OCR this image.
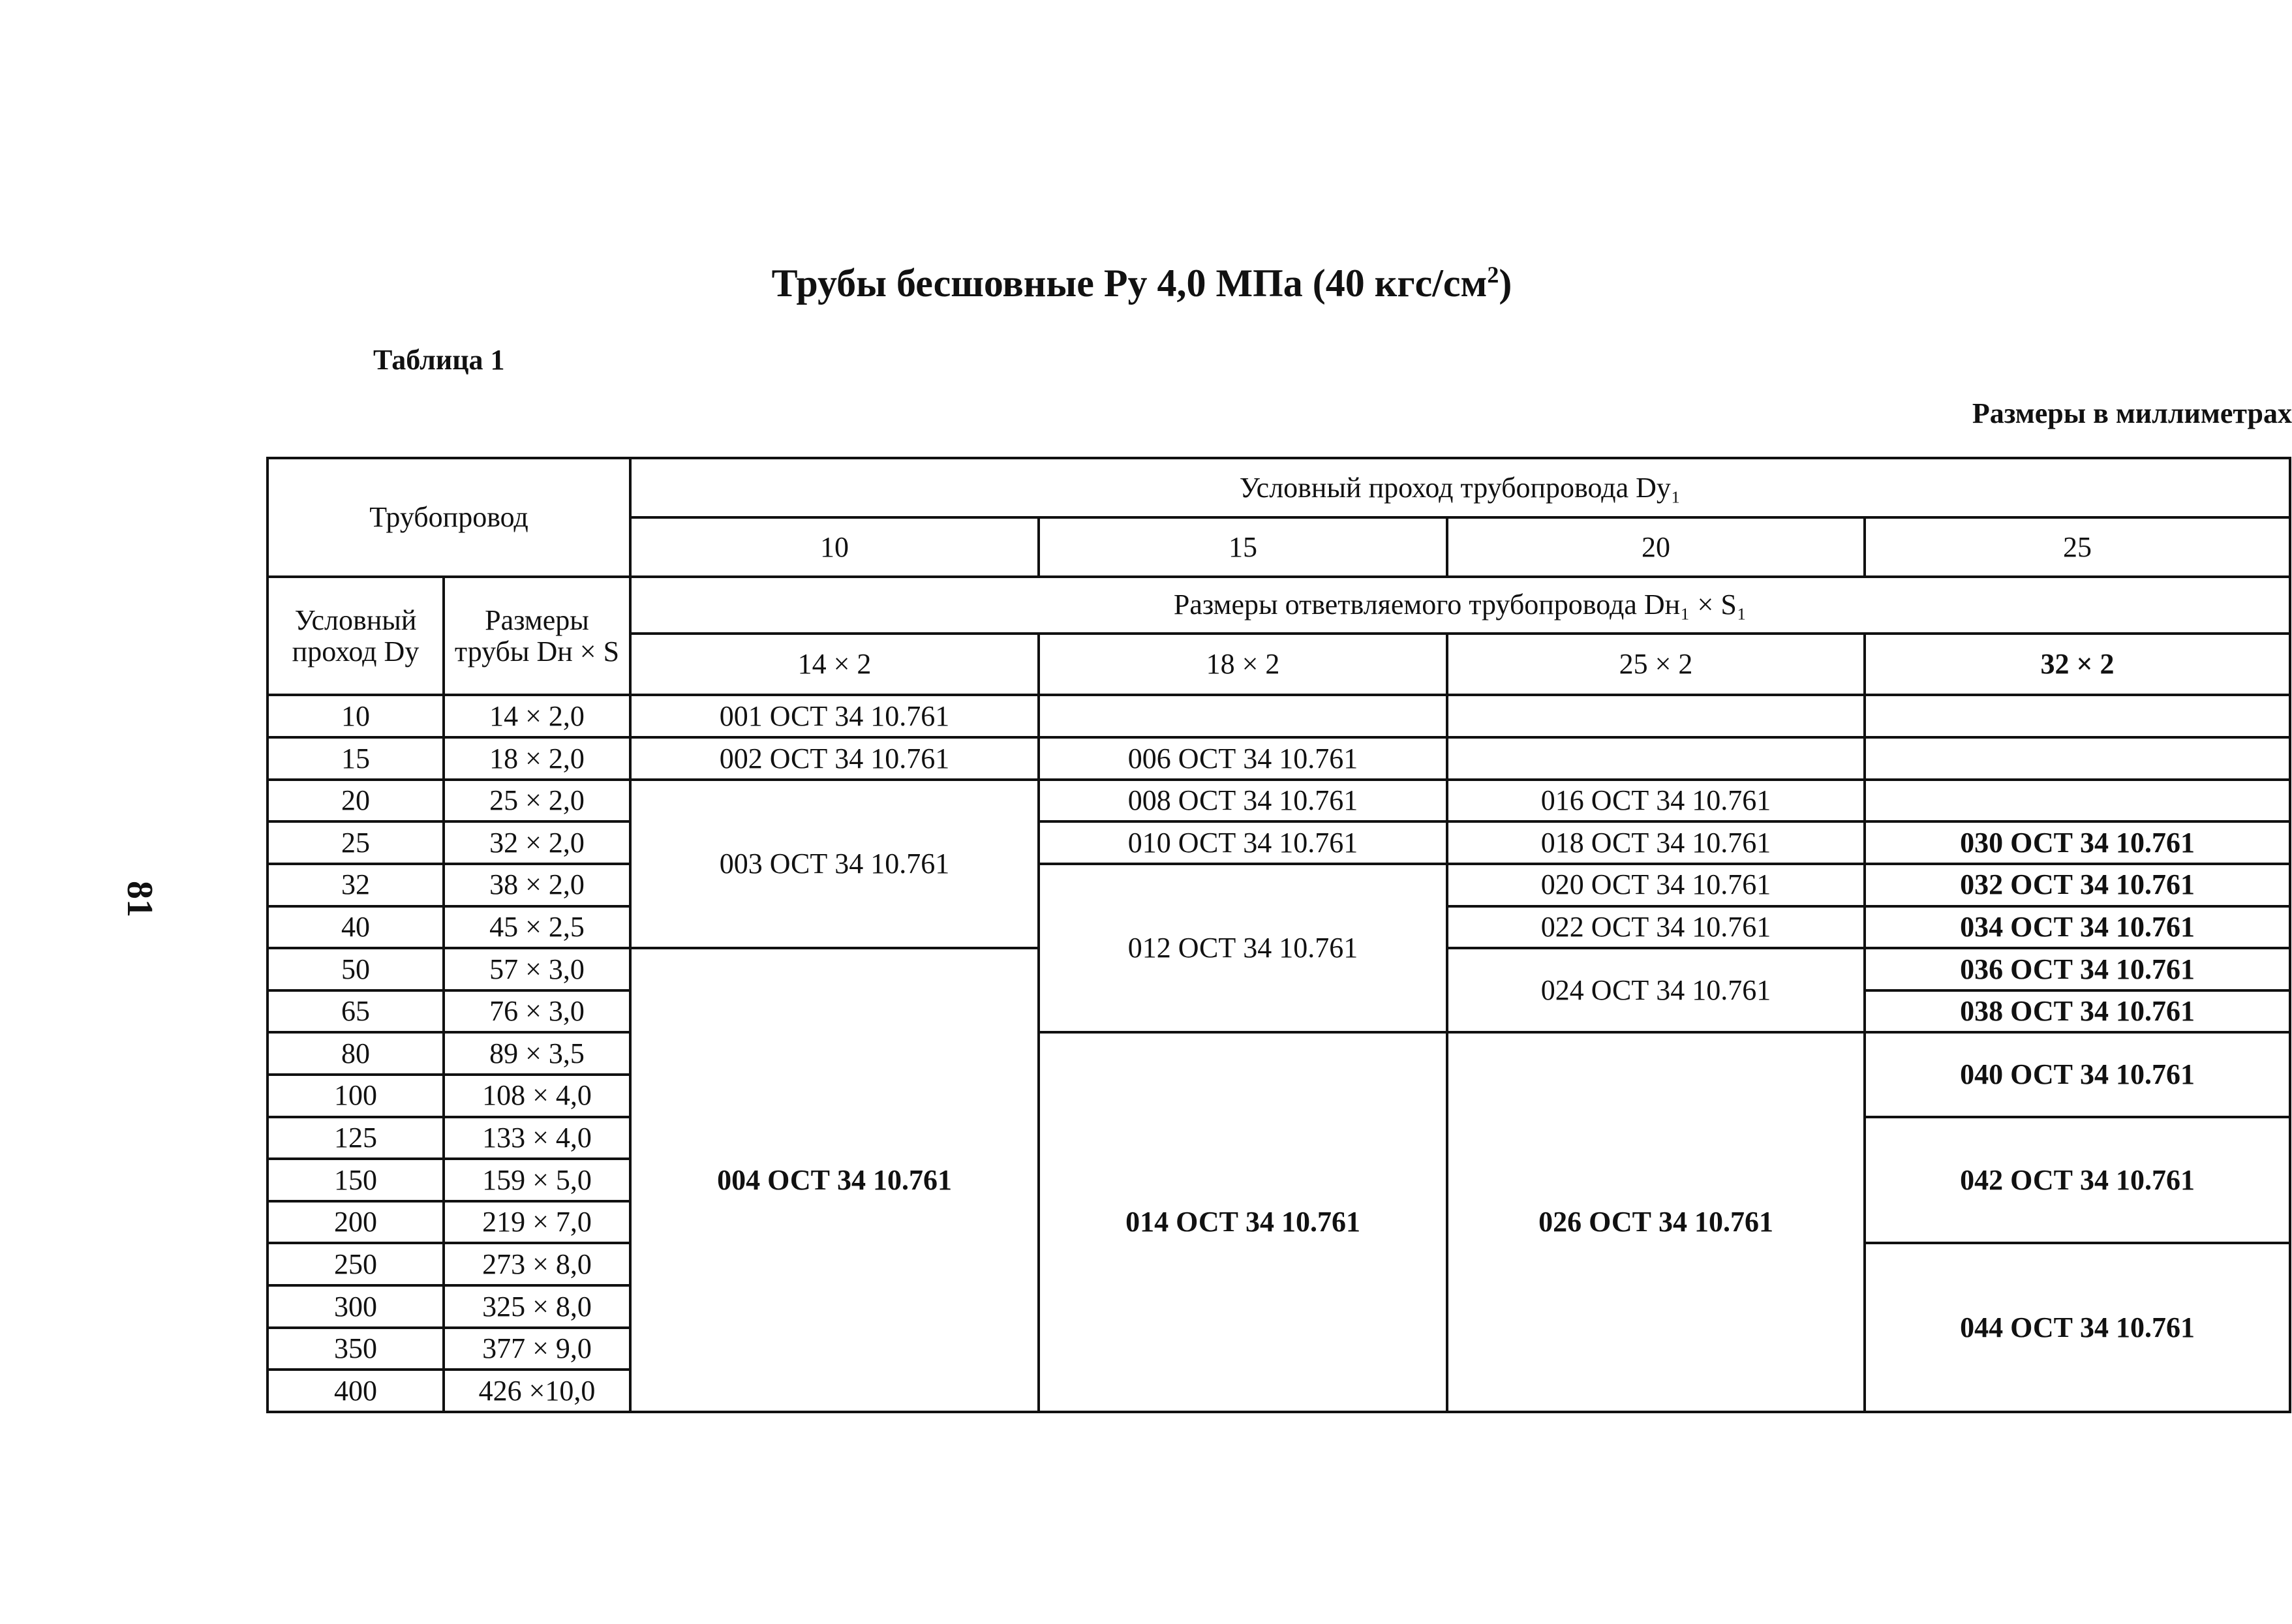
81
Трубы бесшовные Ру 4,0 МПа (40 кгс/$см^2$)
Таблица 1
Размеры в миллиметрах
Трубопровод		Условный проход трубопровода Dy₁			
		10	15	20	25
Условный проход Dy	Размеры трубы Dн × S	Размеры ответвляемого трубопровода Dн₁ × S₁			
		14 × 2	18 × 2	25 × 2	32 × 2
10	14 × 2,0	001 ОСТ 34 10.761			
15	18 × 2,0	002 ОСТ 34 10.761	006 ОСТ 34 10.761		
20	25 × 2,0	003 ОСТ 34 10.761	008 ОСТ 34 10.761	016 ОСТ 34 10.761	
25	32 × 2,0		010 ОСТ 34 10.761	018 ОСТ 34 10.761	030 ОСТ 34 10.761
32	38 × 2,0		012 ОСТ 34 10.761	020 ОСТ 34 10.761	032 ОСТ 34 10.761
40	45 × 2,5			022 ОСТ 34 10.761	034 ОСТ 34 10.761
50	57 × 3,0	004 ОСТ 34 10.761		024 ОСТ 34 10.761	036 ОСТ 34 10.761
65	76 × 3,0				038 ОСТ 34 10.761
80	89 × 3,5		014 ОСТ 34 10.761	026 ОСТ 34 10.761	040 ОСТ 34 10.761
100	108 × 4,0				
125	133 × 4,0				042 ОСТ 34 10.761
150	159 × 5,0				
200	219 × 7,0				
250	273 × 8,0				044 ОСТ 34 10.761
300	325 × 8,0				
350	377 × 9,0				
400	426 ×10,0				
